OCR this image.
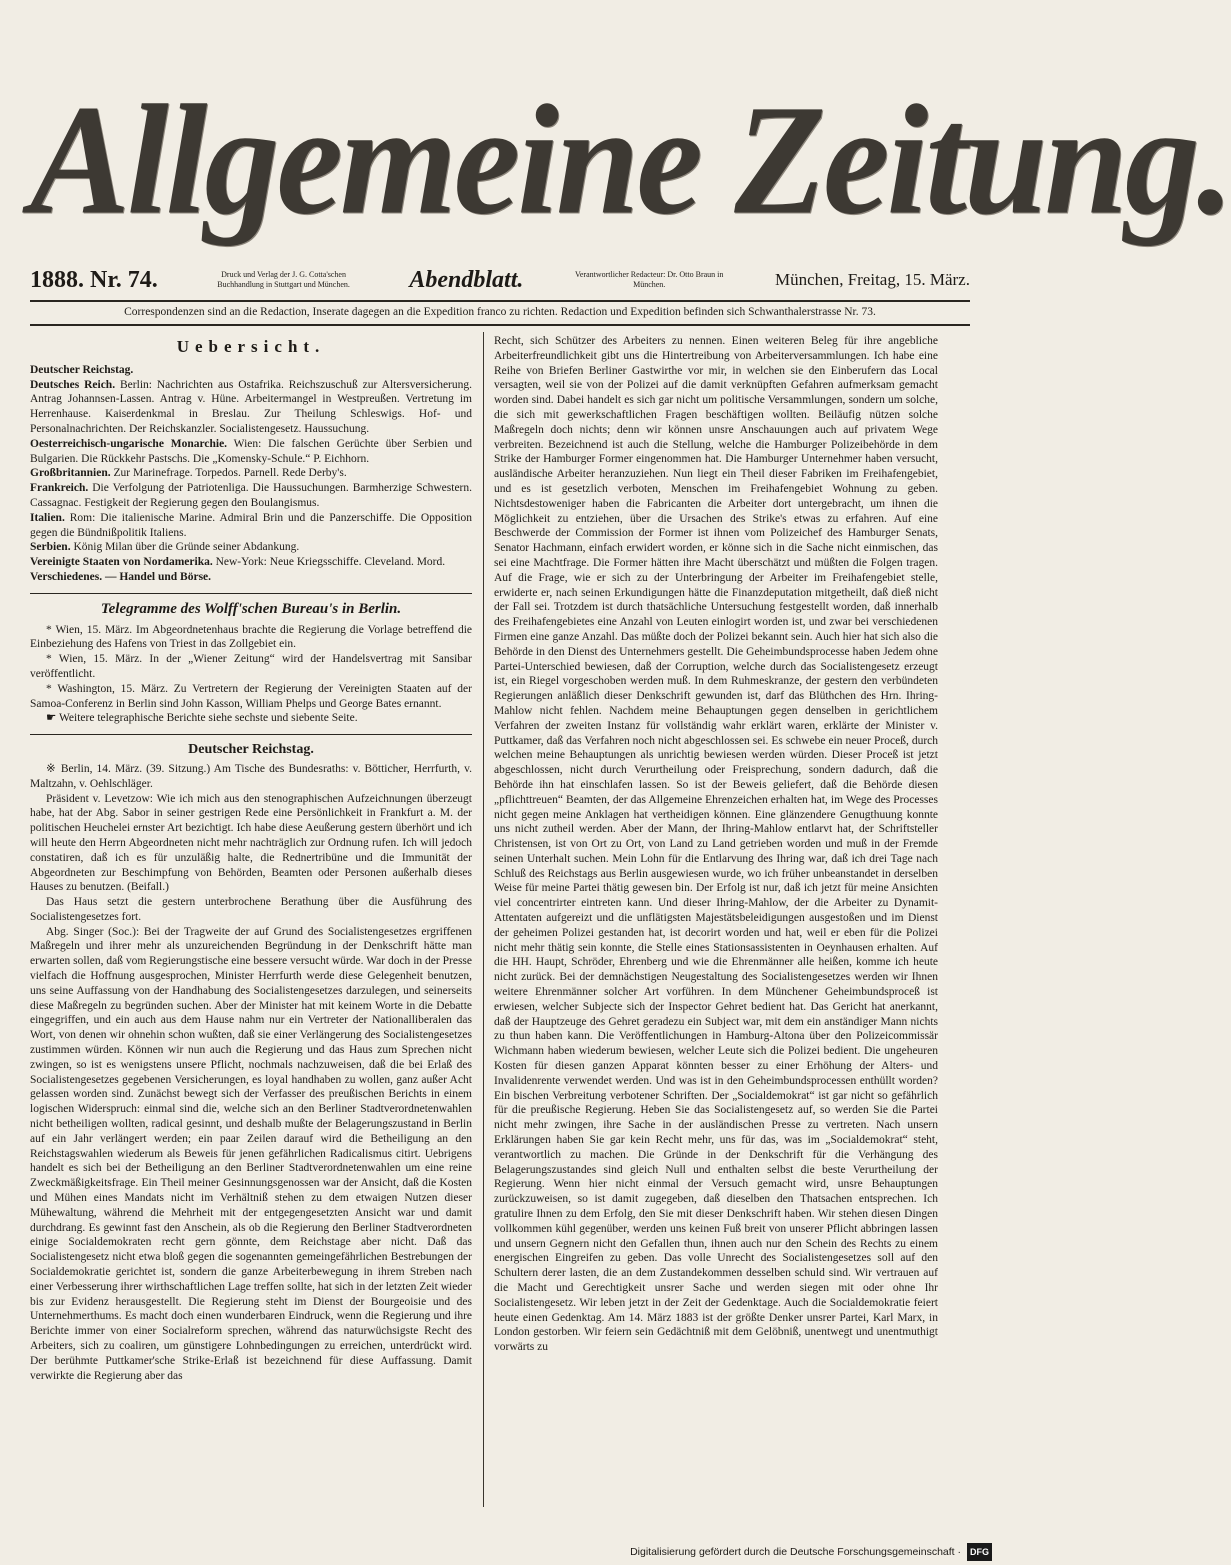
Allgemeine Zeitung.
1888. Nr. 74.	Druck und Verlag der J. G. Cotta'schen Buchhandlung in Stuttgart und München.	Abendblatt.	Verantwortlicher Redacteur: Dr. Otto Braun in München.	München, Freitag, 15. März.
Correspondenzen sind an die Redaction, Inserate dagegen an die Expedition franco zu richten. Redaction und Expedition befinden sich Schwanthalerstrasse Nr. 73.
Uebersicht.

Deutscher Reichstag.

Deutsches Reich. Berlin: Nachrichten aus Ostafrika. Reichszuschuß zur Altersversicherung. Antrag Johannsen-Lassen. Antrag v. Hüne. Arbeitermangel in Westpreußen. Vertretung im Herrenhause. Kaiserdenkmal in Breslau. Zur Theilung Schleswigs. Hof- und Personalnachrichten. Der Reichskanzler. Socialistengesetz. Haussuchung.

Oesterreichisch-ungarische Monarchie. Wien: Die falschen Gerüchte über Serbien und Bulgarien. Die Rückkehr Pastschs. Die „Komensky-Schule.“ P. Eichhorn.

Großbritannien. Zur Marinefrage. Torpedos. Parnell. Rede Derby's.

Frankreich. Die Verfolgung der Patriotenliga. Die Haussuchungen. Barmherzige Schwestern. Cassagnac. Festigkeit der Regierung gegen den Boulangismus.

Italien. Rom: Die italienische Marine. Admiral Brin und die Panzerschiffe. Die Opposition gegen die Bündnißpolitik Italiens.

Serbien. König Milan über die Gründe seiner Abdankung.

Vereinigte Staaten von Nordamerika. New-York: Neue Kriegsschiffe. Cleveland. Mord.

Verschiedenes. — Handel und Börse.

Telegramme des Wolff'schen Bureau's in Berlin.

* Wien, 15. März. Im Abgeordnetenhaus brachte die Regierung die Vorlage betreffend die Einbeziehung des Hafens von Triest in das Zollgebiet ein.

* Wien, 15. März. In der „Wiener Zeitung“ wird der Handelsvertrag mit Sansibar veröffentlicht.

* Washington, 15. März. Zu Vertretern der Regierung der Vereinigten Staaten auf der Samoa-Conferenz in Berlin sind John Kasson, William Phelps und George Bates ernannt.

☛ Weitere telegraphische Berichte siehe sechste und siebente Seite.

Deutscher Reichstag.

※ Berlin, 14. März. (39. Sitzung.) Am Tische des Bundesraths: v. Bötticher, Herrfurth, v. Maltzahn, v. Oehlschläger.

Präsident v. Levetzow: Wie ich mich aus den stenographischen Aufzeichnungen überzeugt habe, hat der Abg. Sabor in seiner gestrigen Rede eine Persönlichkeit in Frankfurt a. M. der politischen Heuchelei ernster Art bezichtigt. Ich habe diese Aeußerung gestern überhört und ich will heute den Herrn Abgeordneten nicht mehr nachträglich zur Ordnung rufen. Ich will jedoch constatiren, daß ich es für unzuläßig halte, die Rednertribüne und die Immunität der Abgeordneten zur Beschimpfung von Behörden, Beamten oder Personen außerhalb dieses Hauses zu benutzen. (Beifall.)

Das Haus setzt die gestern unterbrochene Berathung über die Ausführung des Socialistengesetzes fort.

Abg. Singer (Soc.): Bei der Tragweite der auf Grund des Socialistengesetzes ergriffenen Maßregeln und ihrer mehr als unzureichenden Begründung in der Denkschrift hätte man erwarten sollen, daß vom Regierungstische eine bessere versucht würde. War doch in der Presse vielfach die Hoffnung ausgesprochen, Minister Herrfurth werde diese Gelegenheit benutzen, uns seine Auffassung von der Handhabung des Socialistengesetzes darzulegen, und seinerseits diese Maßregeln zu begründen suchen. Aber der Minister hat mit keinem Worte in die Debatte eingegriffen, und ein auch aus dem Hause nahm nur ein Vertreter der Nationalliberalen das Wort, von denen wir ohnehin schon wußten, daß sie einer Verlängerung des Socialistengesetzes zustimmen würden. Können wir nun auch die Regierung und das Haus zum Sprechen nicht zwingen, so ist es wenigstens unsere Pflicht, nochmals nachzuweisen, daß die bei Erlaß des Socialistengesetzes gegebenen Versicherungen, es loyal handhaben zu wollen, ganz außer Acht gelassen worden sind. Zunächst bewegt sich der Verfasser des preußischen Berichts in einem logischen Widerspruch: einmal sind die, welche sich an den Berliner Stadtverordnetenwahlen nicht betheiligen wollten, radical gesinnt, und deshalb mußte der Belagerungszustand in Berlin auf ein Jahr verlängert werden; ein paar Zeilen darauf wird die Betheiligung an den Reichstagswahlen wiederum als Beweis für jenen gefährlichen Radicalismus citirt. Uebrigens handelt es sich bei der Betheiligung an den Berliner Stadtverordnetenwahlen um eine reine Zweckmäßigkeitsfrage. Ein Theil meiner Gesinnungsgenossen war der Ansicht, daß die Kosten und Mühen eines Mandats nicht im Verhältniß stehen zu dem etwaigen Nutzen dieser Mühewaltung, während die Mehrheit mit der entgegengesetzten Ansicht war und damit durchdrang. Es gewinnt fast den Anschein, als ob die Regierung den Berliner Stadtverordneten einige Socialdemokraten recht gern gönnte, dem Reichstage aber nicht. Daß das Socialistengesetz nicht etwa bloß gegen die sogenannten gemeingefährlichen Bestrebungen der Socialdemokratie gerichtet ist, sondern die ganze Arbeiterbewegung in ihrem Streben nach einer Verbesserung ihrer wirthschaftlichen Lage treffen sollte, hat sich in der letzten Zeit wieder bis zur Evidenz herausgestellt. Die Regierung steht im Dienst der Bourgeoisie und des Unternehmerthums. Es macht doch einen wunderbaren Eindruck, wenn die Regierung und ihre Berichte immer von einer Socialreform sprechen, während das naturwüchsigste Recht des Arbeiters, sich zu coaliren, um günstigere Lohnbedingungen zu erreichen, unterdrückt wird. Der berühmte Puttkamer'sche Strike-Erlaß ist bezeichnend für diese Auffassung. Damit verwirkte die Regierung aber das

Recht, sich Schützer des Arbeiters zu nennen. Einen weiteren Beleg für ihre angebliche Arbeiterfreundlichkeit gibt uns die Hintertreibung von Arbeiterversammlungen. Ich habe eine Reihe von Briefen Berliner Gastwirthe vor mir, in welchen sie den Einberufern das Local versagten, weil sie von der Polizei auf die damit verknüpften Gefahren aufmerksam gemacht worden sind. Dabei handelt es sich gar nicht um politische Versammlungen, sondern um solche, die sich mit gewerkschaftlichen Fragen beschäftigen wollten. Beiläufig nützen solche Maßregeln doch nichts; denn wir können unsre Anschauungen auch auf privatem Wege verbreiten. Bezeichnend ist auch die Stellung, welche die Hamburger Polizeibehörde in dem Strike der Hamburger Former eingenommen hat. Die Hamburger Unternehmer haben versucht, ausländische Arbeiter heranzuziehen. Nun liegt ein Theil dieser Fabriken im Freihafengebiet, und es ist gesetzlich verboten, Menschen im Freihafengebiet Wohnung zu geben. Nichtsdestoweniger haben die Fabricanten die Arbeiter dort untergebracht, um ihnen die Möglichkeit zu entziehen, über die Ursachen des Strike's etwas zu erfahren. Auf eine Beschwerde der Commission der Former ist ihnen vom Polizeichef des Hamburger Senats, Senator Hachmann, einfach erwidert worden, er könne sich in die Sache nicht einmischen, das sei eine Machtfrage. Die Former hätten ihre Macht überschätzt und müßten die Folgen tragen. Auf die Frage, wie er sich zu der Unterbringung der Arbeiter im Freihafengebiet stelle, erwiderte er, nach seinen Erkundigungen hätte die Finanzdeputation mitgetheilt, daß dieß nicht der Fall sei. Trotzdem ist durch thatsächliche Untersuchung festgestellt worden, daß innerhalb des Freihafengebietes eine Anzahl von Leuten einlogirt worden ist, und zwar bei verschiedenen Firmen eine ganze Anzahl. Das müßte doch der Polizei bekannt sein. Auch hier hat sich also die Behörde in den Dienst des Unternehmers gestellt. Die Geheimbundsprocesse haben Jedem ohne Partei-Unterschied bewiesen, daß der Corruption, welche durch das Socialistengesetz erzeugt ist, ein Riegel vorgeschoben werden muß. In dem Ruhmeskranze, der gestern den verbündeten Regierungen anläßlich dieser Denkschrift gewunden ist, darf das Blüthchen des Hrn. Ihring-Mahlow nicht fehlen. Nachdem meine Behauptungen gegen denselben in gerichtlichem Verfahren der zweiten Instanz für vollständig wahr erklärt waren, erklärte der Minister v. Puttkamer, daß das Verfahren noch nicht abgeschlossen sei. Es schwebe ein neuer Proceß, durch welchen meine Behauptungen als unrichtig bewiesen werden würden. Dieser Proceß ist jetzt abgeschlossen, nicht durch Verurtheilung oder Freisprechung, sondern dadurch, daß die Behörde ihn hat einschlafen lassen. So ist der Beweis geliefert, daß die Behörde diesen „pflichttreuen“ Beamten, der das Allgemeine Ehrenzeichen erhalten hat, im Wege des Processes nicht gegen meine Anklagen hat vertheidigen können. Eine glänzendere Genugthuung konnte uns nicht zutheil werden. Aber der Mann, der Ihring-Mahlow entlarvt hat, der Schriftsteller Christensen, ist von Ort zu Ort, von Land zu Land getrieben worden und muß in der Fremde seinen Unterhalt suchen. Mein Lohn für die Entlarvung des Ihring war, daß ich drei Tage nach Schluß des Reichstags aus Berlin ausgewiesen wurde, wo ich früher unbeanstandet in derselben Weise für meine Partei thätig gewesen bin. Der Erfolg ist nur, daß ich jetzt für meine Ansichten viel concentrirter eintreten kann. Und dieser Ihring-Mahlow, der die Arbeiter zu Dynamit-Attentaten aufgereizt und die unflätigsten Majestätsbeleidigungen ausgestoßen und im Dienst der geheimen Polizei gestanden hat, ist decorirt worden und hat, weil er eben für die Polizei nicht mehr thätig sein konnte, die Stelle eines Stationsassistenten in Oeynhausen erhalten. Auf die HH. Haupt, Schröder, Ehrenberg und wie die Ehrenmänner alle heißen, komme ich heute nicht zurück. Bei der demnächstigen Neugestaltung des Socialistengesetzes werden wir Ihnen weitere Ehrenmänner solcher Art vorführen. In dem Münchener Geheimbundsproceß ist erwiesen, welcher Subjecte sich der Inspector Gehret bedient hat. Das Gericht hat anerkannt, daß der Hauptzeuge des Gehret geradezu ein Subject war, mit dem ein anständiger Mann nichts zu thun haben kann. Die Veröffentlichungen in Hamburg-Altona über den Polizeicommissär Wichmann haben wiederum bewiesen, welcher Leute sich die Polizei bedient. Die ungeheuren Kosten für diesen ganzen Apparat könnten besser zu einer Erhöhung der Alters- und Invalidenrente verwendet werden. Und was ist in den Geheimbundsprocessen enthüllt worden? Ein bischen Verbreitung verbotener Schriften. Der „Socialdemokrat“ ist gar nicht so gefährlich für die preußische Regierung. Heben Sie das Socialistengesetz auf, so werden Sie die Partei nicht mehr zwingen, ihre Sache in der ausländischen Presse zu vertreten. Nach unsern Erklärungen haben Sie gar kein Recht mehr, uns für das, was im „Socialdemokrat“ steht, verantwortlich zu machen. Die Gründe in der Denkschrift für die Verhängung des Belagerungszustandes sind gleich Null und enthalten selbst die beste Verurtheilung der Regierung. Wenn hier nicht einmal der Versuch gemacht wird, unsre Behauptungen zurückzuweisen, so ist damit zugegeben, daß dieselben den Thatsachen entsprechen. Ich gratulire Ihnen zu dem Erfolg, den Sie mit dieser Denkschrift haben. Wir stehen diesen Dingen vollkommen kühl gegenüber, werden uns keinen Fuß breit von unserer Pflicht abbringen lassen und unsern Gegnern nicht den Gefallen thun, ihnen auch nur den Schein des Rechts zu einem energischen Eingreifen zu geben. Das volle Unrecht des Socialistengesetzes soll auf den Schultern derer lasten, die an dem Zustandekommen desselben schuld sind. Wir vertrauen auf die Macht und Gerechtigkeit unsrer Sache und werden siegen mit oder ohne Ihr Socialistengesetz. Wir leben jetzt in der Zeit der Gedenktage. Auch die Socialdemokratie feiert heute einen Gedenktag. Am 14. März 1883 ist der größte Denker unsrer Partei, Karl Marx, in London gestorben. Wir feiern sein Gedächtniß mit dem Gelöbniß, unentwegt und unentmuthigt vorwärts zu

Digitalisierung gefördert durch die Deutsche Forschungsgemeinschaft ·	DFG
